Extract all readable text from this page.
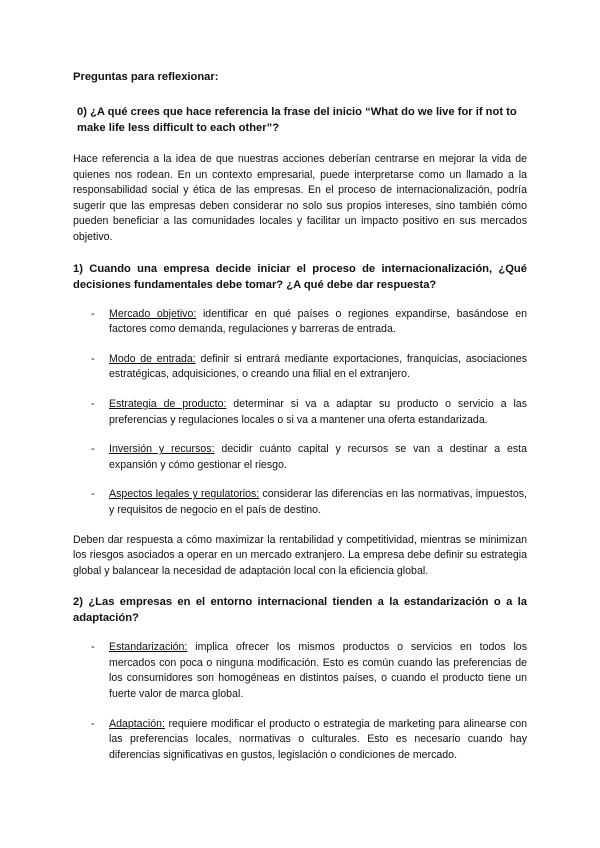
Preguntas para reflexionar:

0) ¿A qué crees que hace referencia la frase del inicio “What do we live for if not to make life less difficult to each other”?

Hace referencia a la idea de que nuestras acciones deberían centrarse en mejorar la vida de quienes nos rodean. En un contexto empresarial, puede interpretarse como un llamado a la responsabilidad social y ética de las empresas. En el proceso de internacionalización, podría sugerir que las empresas deben considerar no solo sus propios intereses, sino también cómo pueden beneficiar a las comunidades locales y facilitar un impacto positivo en sus mercados objetivo.

1) Cuando una empresa decide iniciar el proceso de internacionalización, ¿Qué decisiones fundamentales debe tomar? ¿A qué debe dar respuesta?

- Mercado objetivo: identificar en qué países o regiones expandirse, basándose en factores como demanda, regulaciones y barreras de entrada.
- Modo de entrada: definir si entrará mediante exportaciones, franquicias, asociaciones estratégicas, adquisiciones, o creando una filial en el extranjero.
- Estrategia de producto: determinar si va a adaptar su producto o servicio a las preferencias y regulaciones locales o si va a mantener una oferta estandarizada.
- Inversión y recursos: decidir cuánto capital y recursos se van a destinar a esta expansión y cómo gestionar el riesgo.
- Aspectos legales y regulatorios: considerar las diferencias en las normativas, impuestos, y requisitos de negocio en el país de destino.

Deben dar respuesta a cómo maximizar la rentabilidad y competitividad, mientras se minimizan los riesgos asociados a operar en un mercado extranjero. La empresa debe definir su estrategia global y balancear la necesidad de adaptación local con la eficiencia global.

2) ¿Las empresas en el entorno internacional tienden a la estandarización o a la adaptación?

- Estandarización: implica ofrecer los mismos productos o servicios en todos los mercados con poca o ninguna modificación. Esto es común cuando las preferencias de los consumidores son homogéneas en distintos países, o cuando el producto tiene un fuerte valor de marca global.
- Adaptación: requiere modificar el producto o estrategia de marketing para alinearse con las preferencias locales, normativas o culturales. Esto es necesario cuando hay diferencias significativas en gustos, legislación o condiciones de mercado.
